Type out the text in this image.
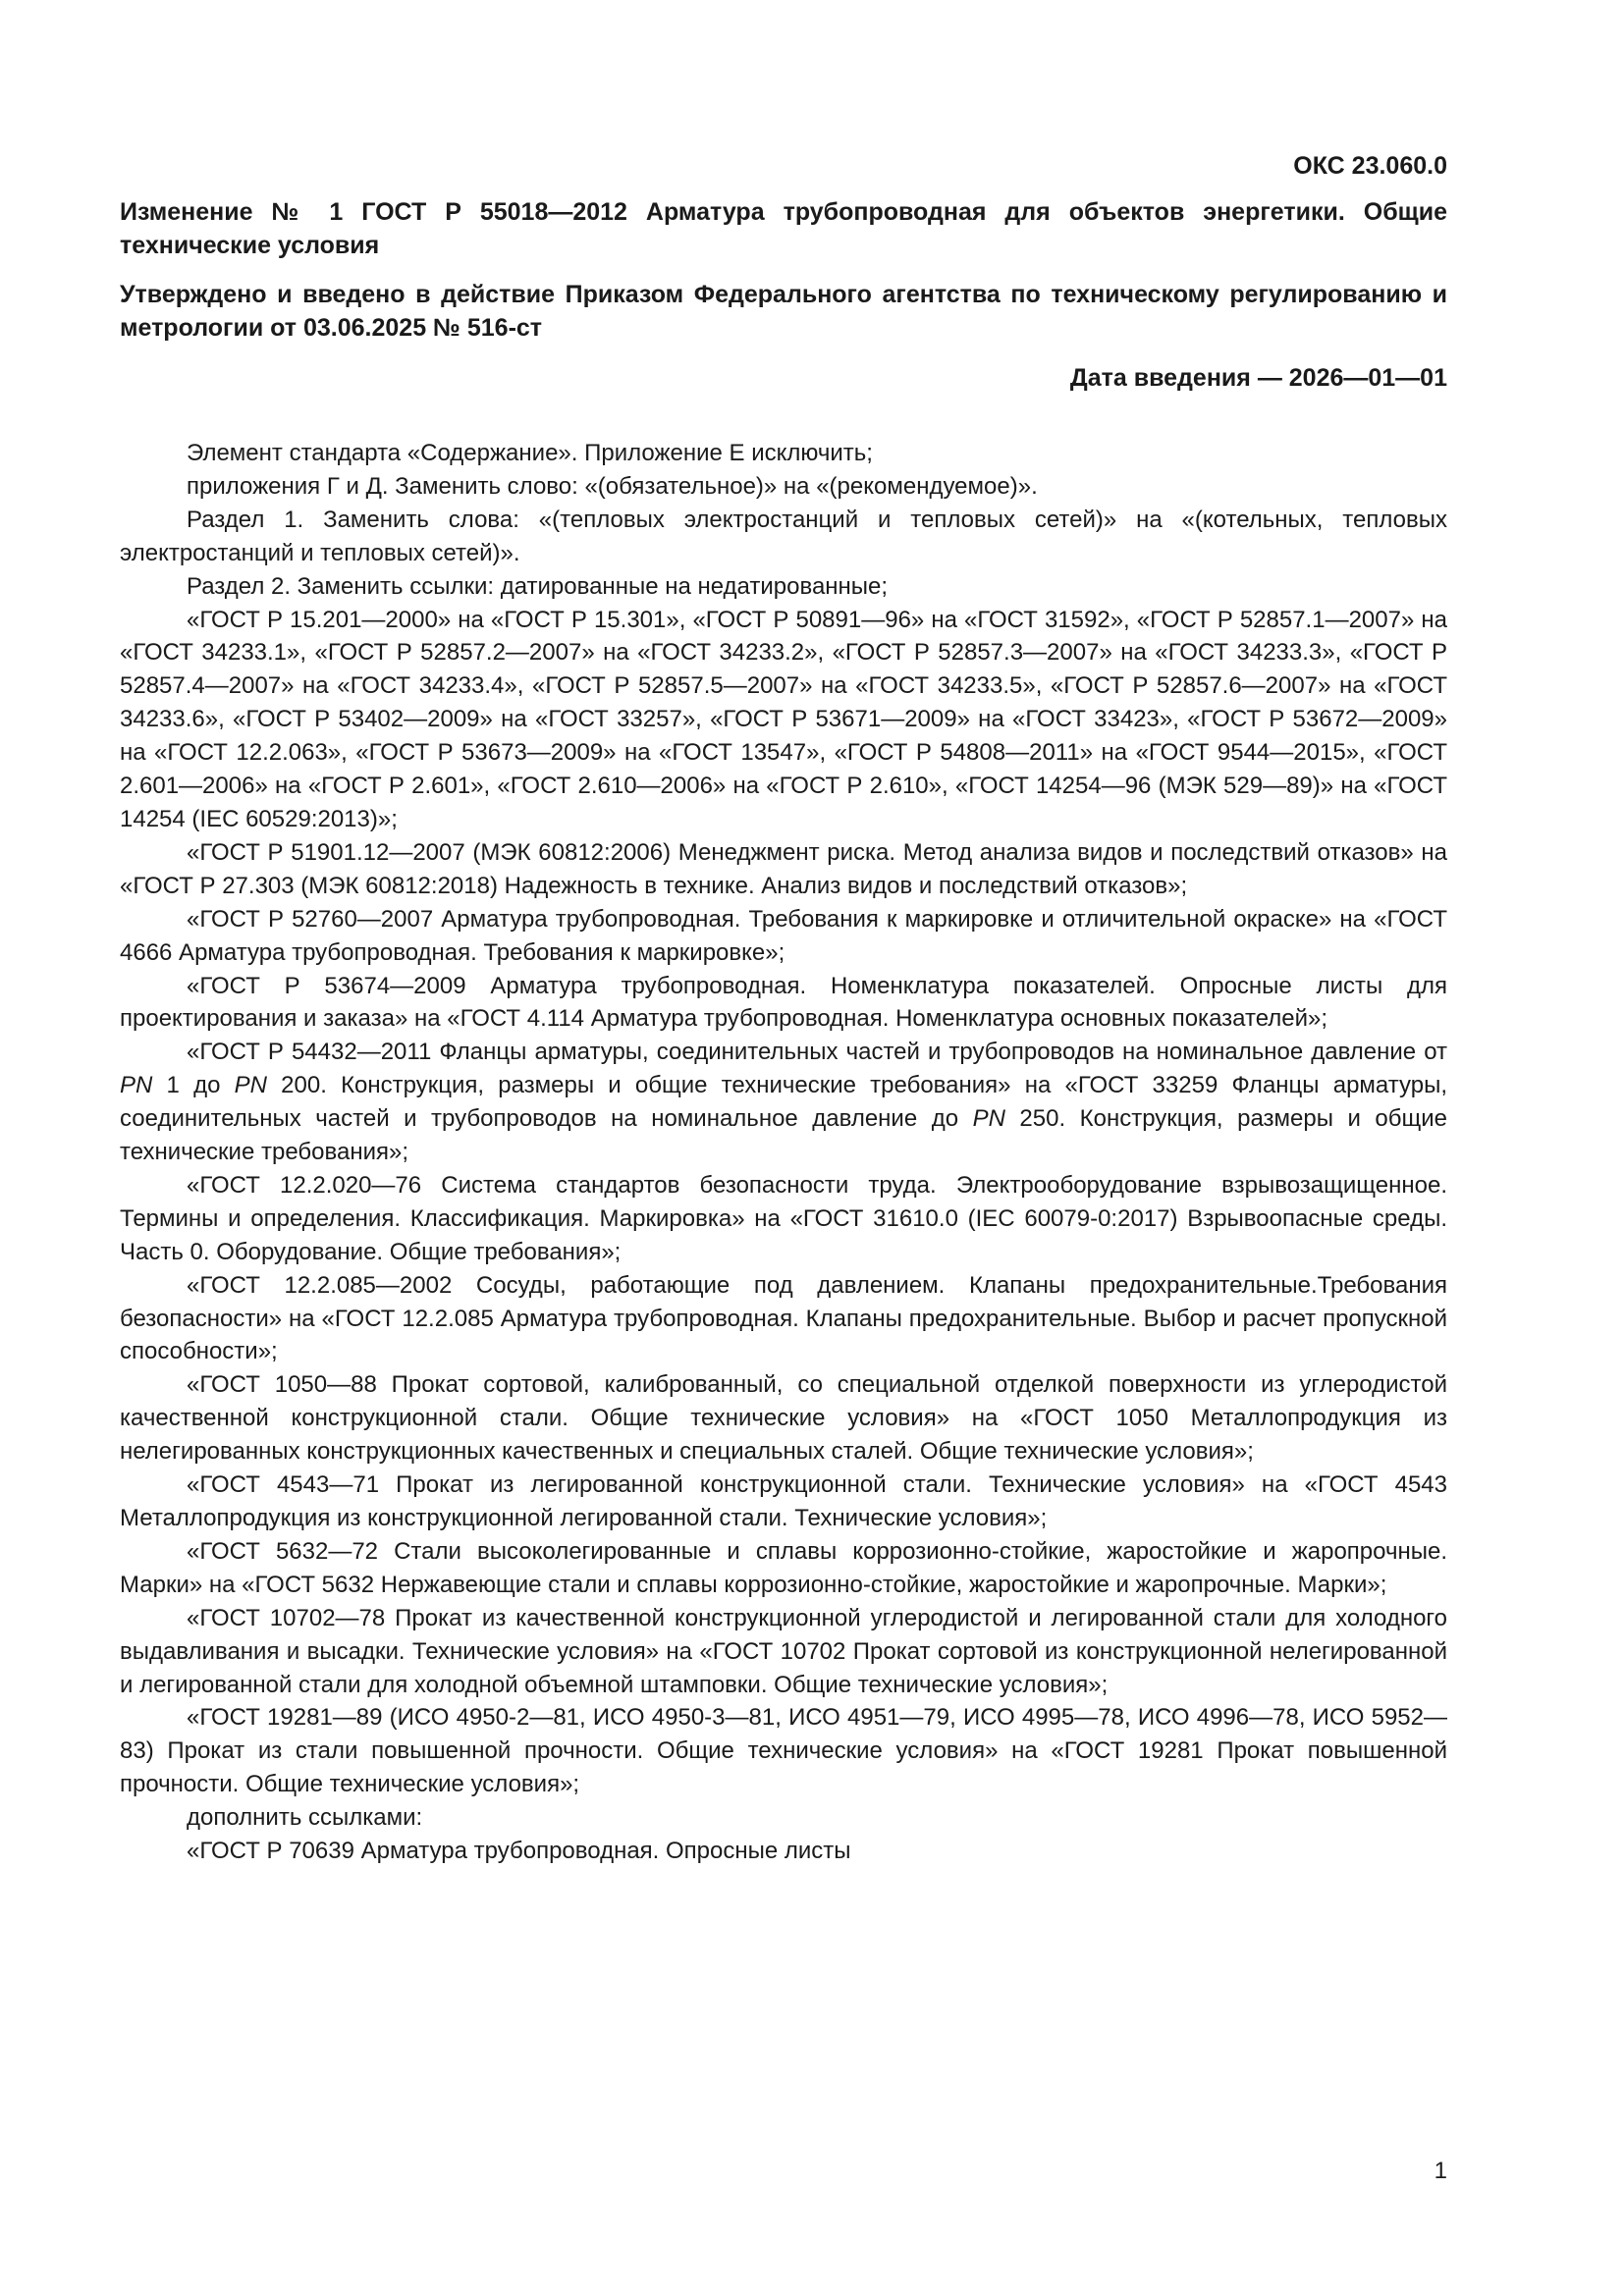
ОКС 23.060.0
Изменение № 1 ГОСТ Р 55018—2012 Арматура трубопроводная для объектов энергетики. Общие технические условия
Утверждено и введено в действие Приказом Федерального агентства по техническому регулированию и метрологии от 03.06.2025 № 516-ст
Дата введения — 2026—01—01

Элемент стандарта «Содержание». Приложение Е исключить;

приложения Г и Д. Заменить слово: «(обязательное)» на «(рекомендуемое)».

Раздел 1. Заменить слова: «(тепловых электростанций и тепловых сетей)» на «(котельных, тепловых электростанций и тепловых сетей)».

Раздел 2. Заменить ссылки: датированные на недатированные;

«ГОСТ Р 15.201—2000» на «ГОСТ Р 15.301», «ГОСТ Р 50891—96» на «ГОСТ 31592», «ГОСТ Р 52857.1—2007» на «ГОСТ 34233.1», «ГОСТ Р 52857.2—2007» на «ГОСТ 34233.2», «ГОСТ Р 52857.3—2007» на «ГОСТ 34233.3», «ГОСТ Р 52857.4—2007» на «ГОСТ 34233.4», «ГОСТ Р 52857.5—2007» на «ГОСТ 34233.5», «ГОСТ Р 52857.6—2007» на «ГОСТ 34233.6», «ГОСТ Р 53402—2009» на «ГОСТ 33257», «ГОСТ Р 53671—2009» на «ГОСТ 33423», «ГОСТ Р 53672—2009» на «ГОСТ 12.2.063», «ГОСТ Р 53673—2009» на «ГОСТ 13547», «ГОСТ Р 54808—2011» на «ГОСТ 9544—2015», «ГОСТ 2.601—2006» на «ГОСТ Р 2.601», «ГОСТ 2.610—2006» на «ГОСТ Р 2.610», «ГОСТ 14254—96 (МЭК 529—89)» на «ГОСТ 14254 (IEC 60529:2013)»;

«ГОСТ Р 51901.12—2007 (МЭК 60812:2006) Менеджмент риска. Метод анализа видов и последствий отказов» на «ГОСТ Р 27.303 (МЭК 60812:2018) Надежность в технике. Анализ видов и последствий отказов»;

«ГОСТ Р 52760—2007 Арматура трубопроводная. Требования к маркировке и отличительной окраске» на «ГОСТ 4666 Арматура трубопроводная. Требования к маркировке»;

«ГОСТ Р 53674—2009 Арматура трубопроводная. Номенклатура показателей. Опросные листы для проектирования и заказа» на «ГОСТ 4.114 Арматура трубопроводная. Номенклатура основных показателей»;

«ГОСТ Р 54432—2011 Фланцы арматуры, соединительных частей и трубопроводов на номинальное давление от PN 1 до PN 200. Конструкция, размеры и общие технические требования» на «ГОСТ 33259 Фланцы арматуры, соединительных частей и трубопроводов на номинальное давление до PN 250. Конструкция, размеры и общие технические требования»;

«ГОСТ 12.2.020—76 Система стандартов безопасности труда. Электрооборудование взрывозащищенное. Термины и определения. Классификация. Маркировка» на «ГОСТ 31610.0 (IEC 60079-0:2017) Взрывоопасные среды. Часть 0. Оборудование. Общие требования»;

«ГОСТ 12.2.085—2002 Сосуды, работающие под давлением. Клапаны предохранительные.Требования безопасности» на «ГОСТ 12.2.085 Арматура трубопроводная. Клапаны предохранительные. Выбор и расчет пропускной способности»;

«ГОСТ 1050—88 Прокат сортовой, калиброванный, со специальной отделкой поверхности из углеродистой качественной конструкционной стали. Общие технические условия» на «ГОСТ 1050 Металлопродукция из нелегированных конструкционных качественных и специальных сталей. Общие технические условия»;

«ГОСТ 4543—71 Прокат из легированной конструкционной стали. Технические условия» на «ГОСТ 4543 Металлопродукция из конструкционной легированной стали. Технические условия»;

«ГОСТ 5632—72 Стали высоколегированные и сплавы коррозионно-стойкие, жаростойкие и жаропрочные. Марки» на «ГОСТ 5632 Нержавеющие стали и сплавы коррозионно-стойкие, жаростойкие и жаропрочные. Марки»;

«ГОСТ 10702—78 Прокат из качественной конструкционной углеродистой и легированной стали для холодного выдавливания и высадки. Технические условия» на «ГОСТ 10702 Прокат сортовой из конструкционной нелегированной и легированной стали для холодной объемной штамповки. Общие технические условия»;

«ГОСТ 19281—89 (ИСО 4950-2—81, ИСО 4950-3—81, ИСО 4951—79, ИСО 4995—78, ИСО 4996—78, ИСО 5952—83) Прокат из стали повышенной прочности. Общие технические условия» на «ГОСТ 19281 Прокат повышенной прочности. Общие технические условия»;

дополнить ссылками:

«ГОСТ Р 70639 Арматура трубопроводная. Опросные листы

1
